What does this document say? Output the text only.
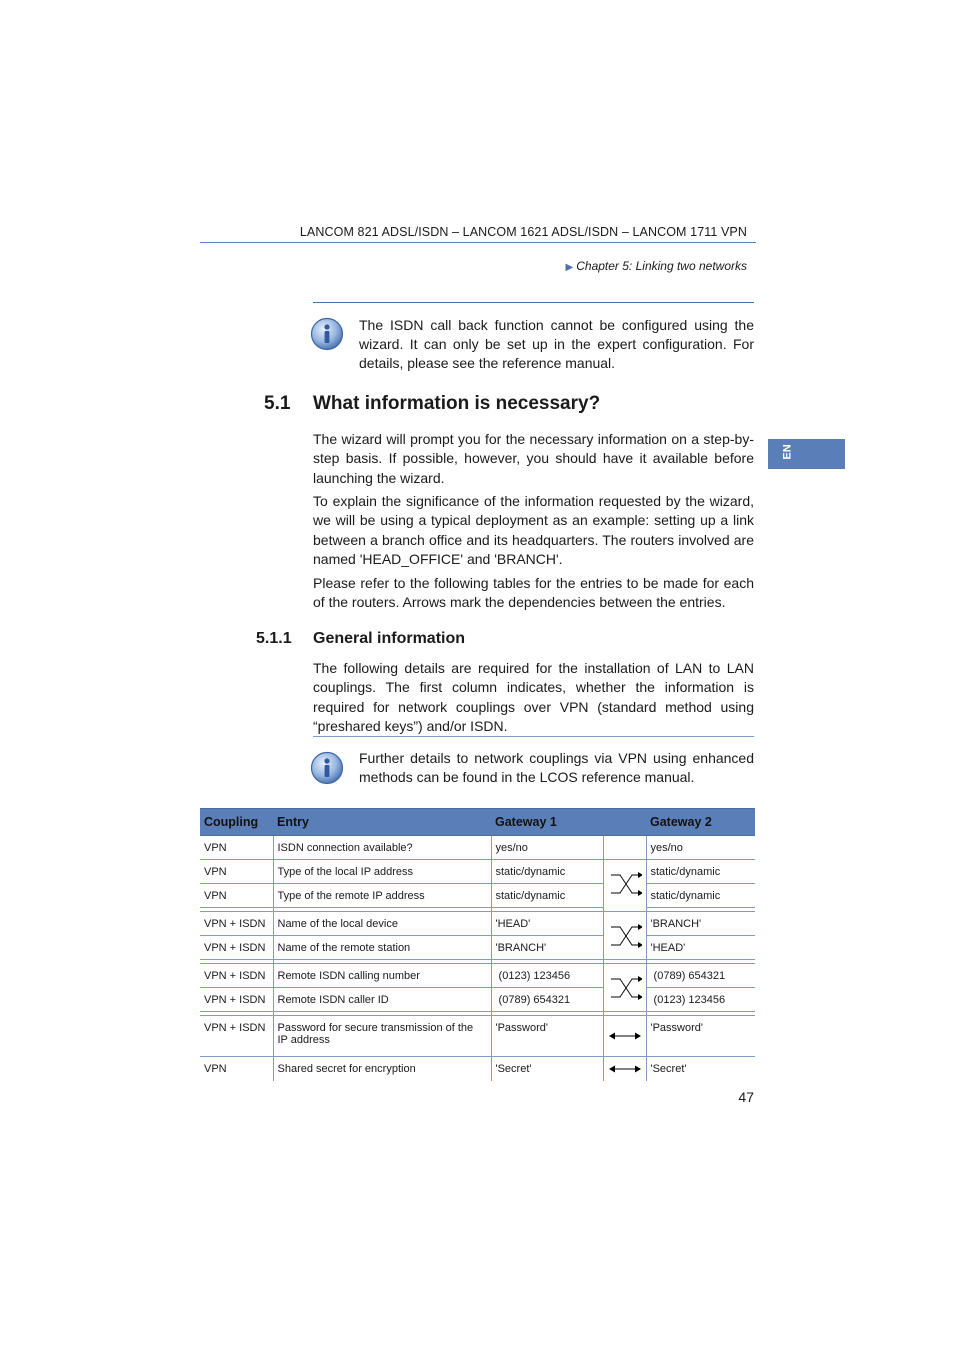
LANCOM 821 ADSL/ISDN – LANCOM 1621 ADSL/ISDN – LANCOM 1711 VPN
▶ Chapter 5: Linking two networks
The ISDN call back function cannot be configured using the wizard. It can only be set up in the expert configuration. For details, please see the reference manual.
5.1 What information is necessary?
The wizard will prompt you for the necessary information on a step-by-step basis. If possible, however, you should have it available before launching the wizard.
To explain the significance of the information requested by the wizard, we will be using a typical deployment as an example: setting up a link between a branch office and its headquarters. The routers involved are named 'HEAD_OFFICE' and 'BRANCH'.
Please refer to the following tables for the entries to be made for each of the routers. Arrows mark the dependencies between the entries.
5.1.1 General information
The following details are required for the installation of LAN to LAN couplings. The first column indicates, whether the information is required for network couplings over VPN (standard method using “preshared keys”) and/or ISDN.
Further details to network couplings via VPN using enhanced methods can be found in the LCOS reference manual.
EN
Coupling	Entry	Gateway 1		Gateway 2
VPN	ISDN connection available?	yes/no		yes/no
VPN	Type of the local IP address	static/dynamic		static/dynamic
VPN	Type of the remote IP address	static/dynamic		static/dynamic

VPN + ISDN	Name of the local device	'HEAD'		'BRANCH'
VPN + ISDN	Name of the remote station	'BRANCH'		'HEAD'

VPN + ISDN	Remote ISDN calling number	(0123) 123456		(0789) 654321
VPN + ISDN	Remote ISDN caller ID	(0789) 654321		(0123) 123456

VPN + ISDN	Password for secure transmission of the IP address	'Password'		'Password'
VPN	Shared secret for encryption	'Secret'		'Secret'
47
